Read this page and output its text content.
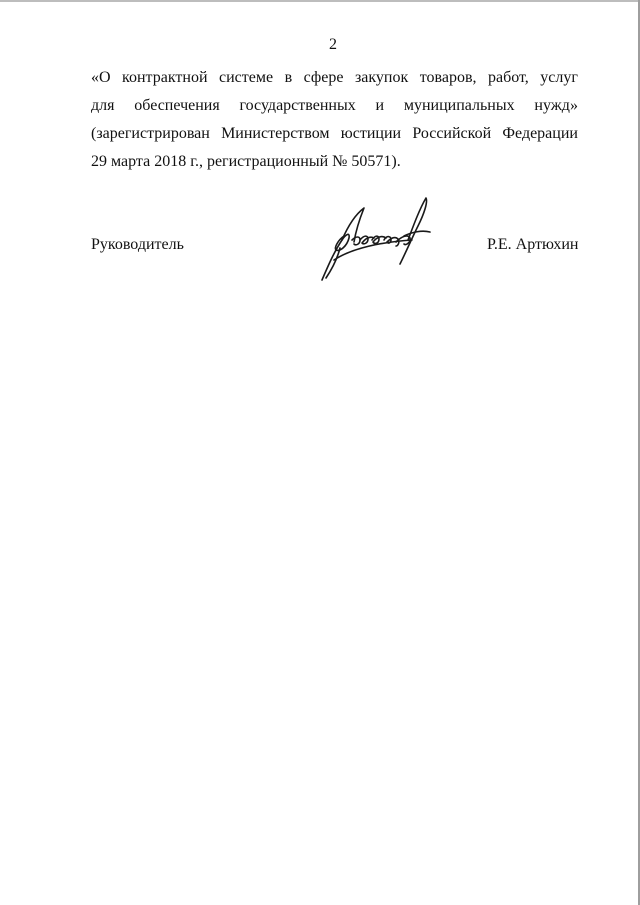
2
«О контрактной системе в сфере закупок товаров, работ, услуг
для обеспечения государственных и муниципальных нужд»
(зарегистрирован Министерством юстиции Российской Федерации
29 марта 2018 г., регистрационный № 50571).
Руководитель	Р.Е. Артюхин
